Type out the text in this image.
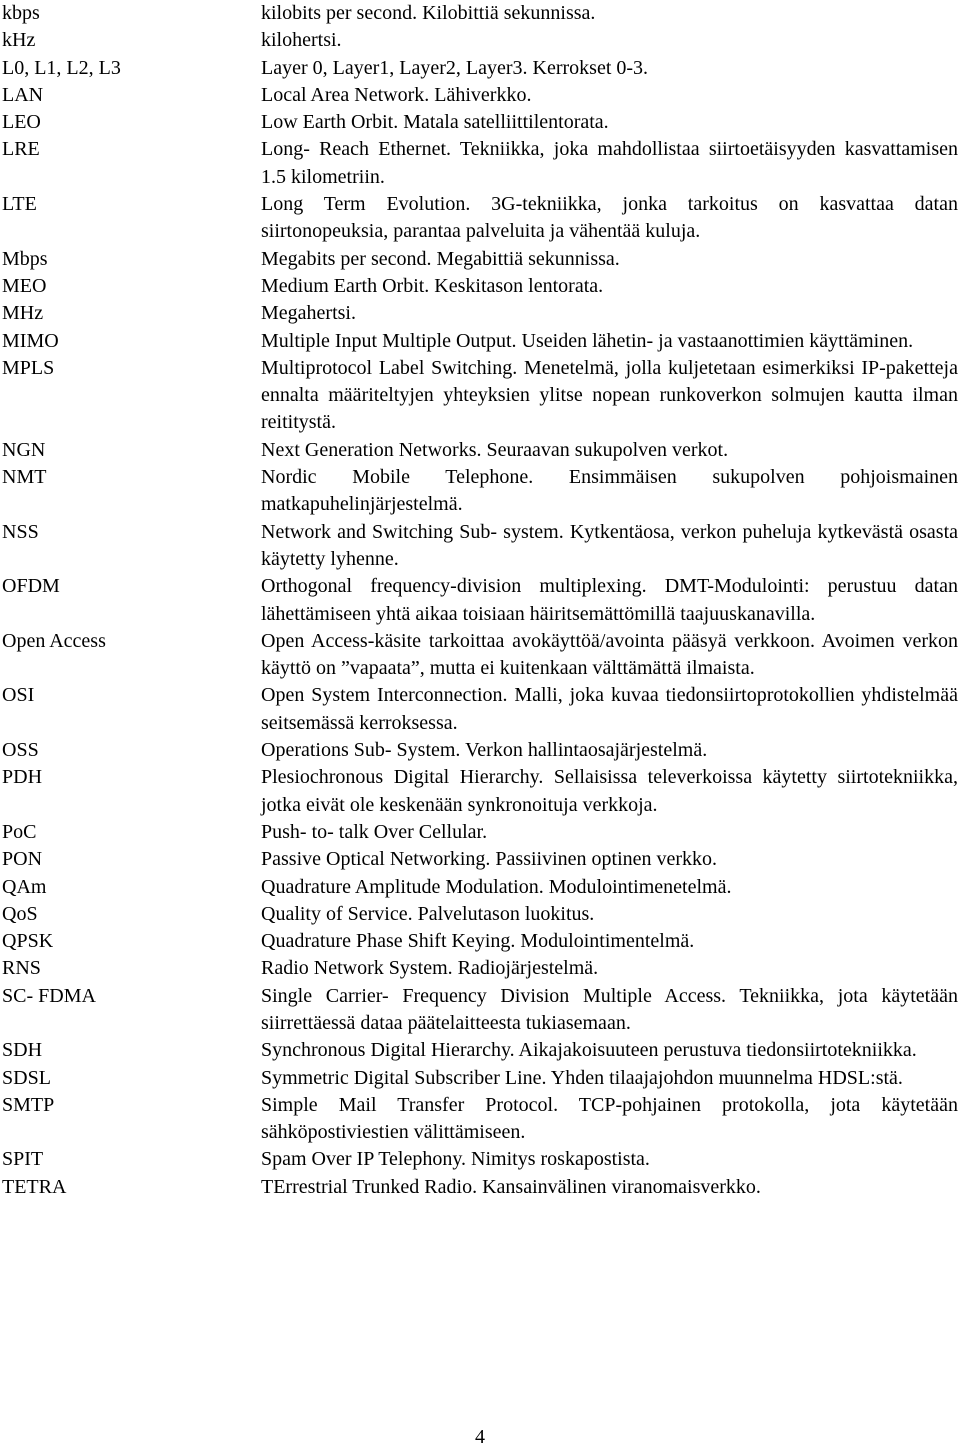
kbps	kilobits per second. Kilobittiä sekunnissa.
kHz	kilohertsi.
L0, L1, L2, L3	Layer 0, Layer1, Layer2, Layer3. Kerrokset 0-3.
LAN	Local Area Network. Lähiverkko.
LEO	Low Earth Orbit. Matala satelliittilentorata.
LRE	Long- Reach Ethernet. Tekniikka, joka mahdollistaa siirtoetäisyyden kasvattamisen 1.5 kilometriin.
LTE	Long Term Evolution. 3G-tekniikka, jonka tarkoitus on kasvattaa datan siirtonopeuksia, parantaa palveluita ja vähentää kuluja.
Mbps	Megabits per second. Megabittiä sekunnissa.
MEO	Medium Earth Orbit. Keskitason lentorata.
MHz	Megahertsi.
MIMO	Multiple Input Multiple Output. Useiden lähetin- ja vastaanottimien käyttäminen.
MPLS	Multiprotocol Label Switching. Menetelmä, jolla kuljetetaan esimerkiksi IP-paketteja ennalta määriteltyjen yhteyksien ylitse nopean runkoverkon solmujen kautta ilman reititystä.
NGN	Next Generation Networks. Seuraavan sukupolven verkot.
NMT	Nordic Mobile Telephone. Ensimmäisen sukupolven pohjoismainen matkapuhelinjärjestelmä.
NSS	Network and Switching Sub- system. Kytkentäosa, verkon puheluja kytkevästä osasta käytetty lyhenne.
OFDM	Orthogonal frequency-division multiplexing. DMT-Modulointi: perustuu datan lähettämiseen yhtä aikaa toisiaan häiritsemättömillä taajuuskanavilla.
Open Access	Open Access-käsite tarkoittaa avokäyttöä/avointa pääsyä verkkoon. Avoimen verkon käyttö on ”vapaata”, mutta ei kuitenkaan välttämättä ilmaista.
OSI	Open System Interconnection. Malli, joka kuvaa tiedonsiirtoprotokollien yhdistelmää seitsemässä kerroksessa.
OSS	Operations Sub- System. Verkon hallintaosajärjestelmä.
PDH	Plesiochronous Digital Hierarchy. Sellaisissa televerkoissa käytetty siirtotekniikka, jotka eivät ole keskenään synkronoituja verkkoja.
PoC	Push- to- talk Over Cellular.
PON	Passive Optical Networking. Passiivinen optinen verkko.
QAm	Quadrature Amplitude Modulation. Modulointimenetelmä.
QoS	Quality of Service. Palvelutason luokitus.
QPSK	Quadrature Phase Shift Keying. Modulointimentelmä.
RNS	Radio Network System. Radiojärjestelmä.
SC- FDMA	Single Carrier- Frequency Division Multiple Access. Tekniikka, jota käytetään siirrettäessä dataa päätelaitteesta tukiasemaan.
SDH	Synchronous Digital Hierarchy. Aikajakoisuuteen perustuva tiedonsiirtotekniikka.
SDSL	Symmetric Digital Subscriber Line. Yhden tilaajajohdon muunnelma HDSL:stä.
SMTP	Simple Mail Transfer Protocol. TCP-pohjainen protokolla, jota käytetään sähköpostiviestien välittämiseen.
SPIT	Spam Over IP Telephony. Nimitys roskapostista.
TETRA	TErrestrial Trunked Radio. Kansainvälinen viranomaisverkko.
4
